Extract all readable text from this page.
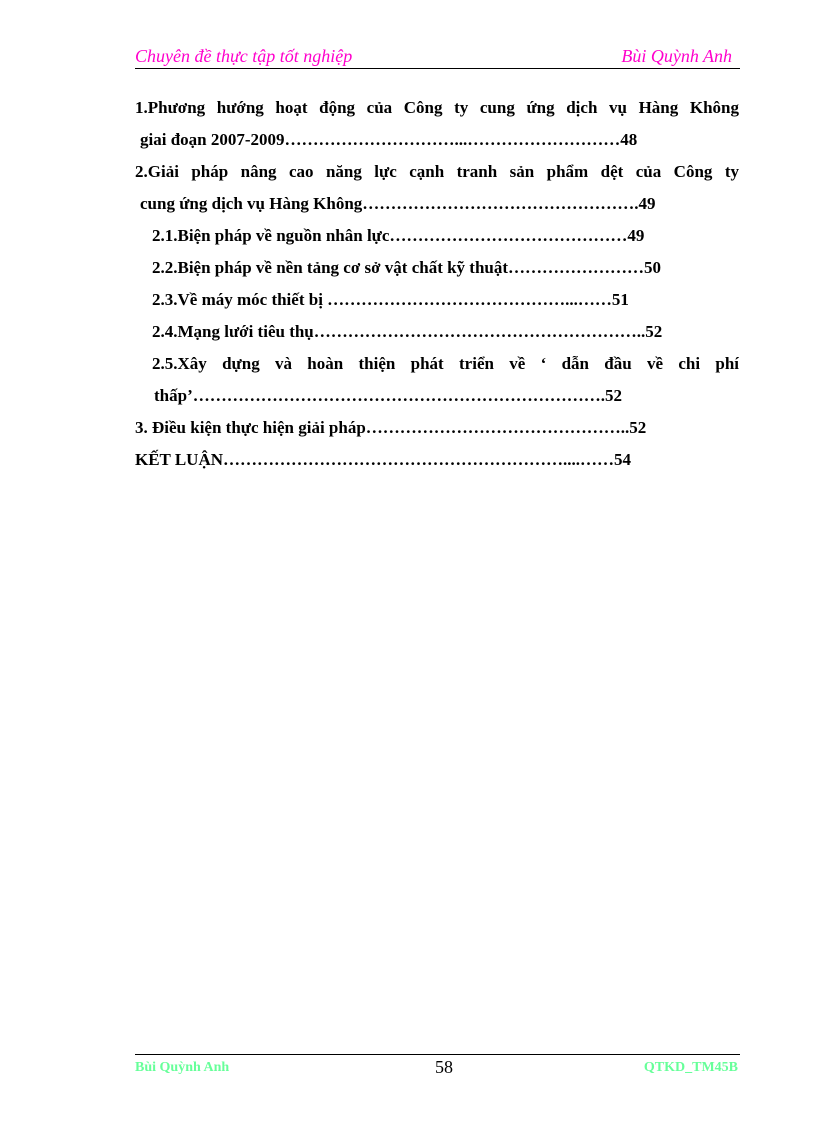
Chuyên đề thực tập tốt nghiệp	Bùi Quỳnh Anh
1.Phương hướng hoạt động của Công ty cung ứng dịch vụ Hàng Không
giai đoạn 2007-2009…………………………...………………………48
2.Giải pháp nâng cao năng lực cạnh tranh sản phẩm dệt của Công ty
cung ứng dịch vụ Hàng Không………………………………………….49
2.1.Biện pháp về nguồn nhân lực……………………………………49
2.2.Biện pháp về nền tảng cơ sở vật chất kỹ thuật……………………50
2.3.Về máy móc thiết bị ……………………………………...……51
2.4.Mạng lưới tiêu thụ…………………………………………………..52
2.5.Xây dựng và hoàn thiện phát triển về ‘ dẫn đầu về chi phí
thấp’……………………………………………………………….52
3. Điều kiện thực hiện giải pháp………………………………………..52
KẾT LUẬN……………………………………………………....……54
Bùi Quỳnh Anh	58	QTKD_TM45B
